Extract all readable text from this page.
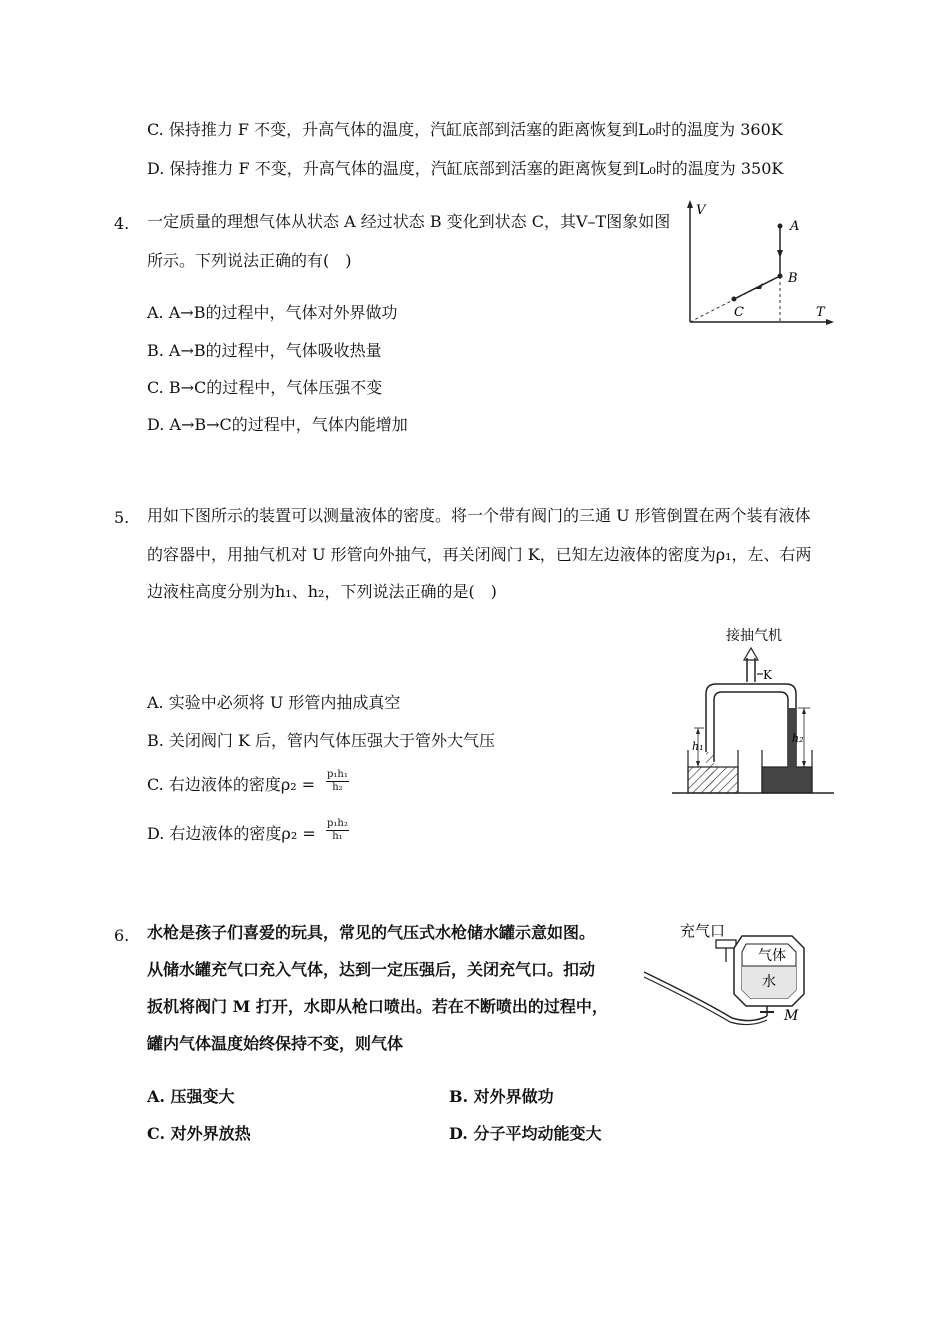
C. 保持推力 F 不变，升高气体的温度，汽缸底部到活塞的距离恢复到L₀时的温度为 360K
D. 保持推力 F 不变，升高气体的温度，汽缸底部到活塞的距离恢复到L₀时的温度为 350K
4. 一定质量的理想气体从状态 A 经过状态 B 变化到状态 C，其V–T图象如图
所示。下列说法正确的有(　)
A. A→B的过程中，气体对外界做功
B. A→B的过程中，气体吸收热量
C. B→C的过程中，气体压强不变
D. A→B→C的过程中，气体内能增加
V
T
A
B
C
5. 用如下图所示的装置可以测量液体的密度。将一个带有阀门的三通 U 形管倒置在两个装有液体
的容器中，用抽气机对 U 形管向外抽气，再关闭阀门 K，已知左边液体的密度为ρ₁，左、右两
边液柱高度分别为h₁、h₂，下列说法正确的是(　)
A. 实验中必须将 U 形管内抽成真空
B. 关闭阀门 K 后，管内气体压强大于管外大气压
C. 右边液体的密度$\rho_2 = \frac{\text{p₁h₁}}{\text{h₂}}$
D. 右边液体的密度$\rho_2 = \frac{\text{p₁h₂}}{\text{h₁}}$
接抽气机
K
h₁
h₂
6. 水枪是孩子们喜爱的玩具，常见的气压式水枪储水罐示意如图。
从储水罐充气口充入气体，达到一定压强后，关闭充气口。扣动
扳机将阀门 M 打开，水即从枪口喷出。若在不断喷出的过程中，
罐内气体温度始终保持不变，则气体
A. 压强变大	B. 对外界做功
C. 对外界放热	D. 分子平均动能变大
充气口
气体
水
M
